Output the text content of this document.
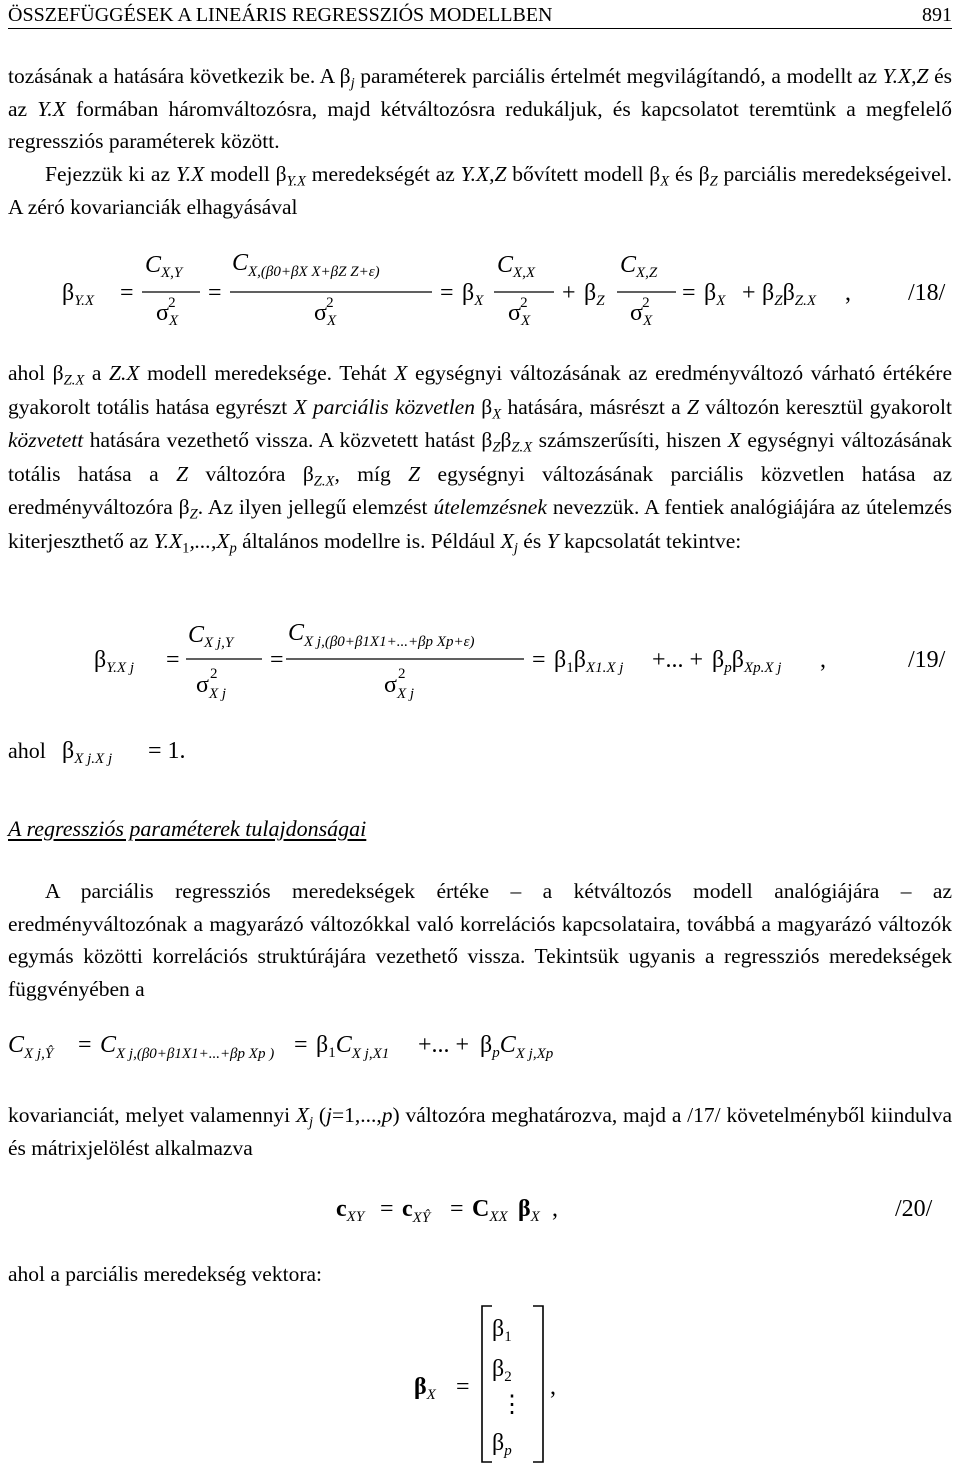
ÖSSZEFÜGGÉSEK A LINEÁRIS REGRESSZIÓS MODELLBEN	891

tozásának a hatására következik be. A $\beta_j$ paraméterek parciális értelmét megvilágítandó, a modellt az Y.X,Z és az Y.X formában háromváltozósra, majd kétváltozósra redukáljuk, és kapcsolatot teremtünk a megfelelő regressziós paraméterek között.

Fejezzük ki az Y.X modell $\beta_{Y.X}$ meredekségét az Y.X,Z bővített modell $\beta_X$ és $\beta_Z$ parciális meredekségeivel. A zéró kovarianciák elhagyásával

$\beta_{Y.X}$ =
$C_{X,Y}$
$\sigma_X2$ =
$C_{X,(\beta 0+\beta X X+\beta Z Z+\varepsilon)}$
$\sigma_X2$	= $\beta_X$
$C_{X,X}$
$\sigma_X2 + \beta_Z$
$C_{X,Z}$
$\sigma_X2 = \beta_X + \beta_Z\beta_{Z.X}$ , /18/

ahol $\beta_{Z.X}$ a Z.X modell meredeksége. Tehát X egységnyi változásának az eredményváltozó várható értékére gyakorolt totális hatása egyrészt X parciális közvetlen $\beta_X$ hatására, másrészt a Z változón keresztül gyakorolt közvetett hatására vezethető vissza. A közvetett hatást $\beta_Z\beta_{Z.X}$ számszerűsíti, hiszen X egységnyi változásának totális hatása a Z változóra $\beta_{Z.X}$, míg Z egységnyi változásának parciális közvetlen hatása az eredményváltozóra $\beta_Z$. Az ilyen jellegű elemzést útelemzésnek nevezzük. A fentiek analógiájára az útelemzés kiterjeszthető az $Y.X_1,...,X_p$ általános modellre is. Például $X_j$ és Y kapcsolatát tekintve:

$\beta_{Y.X j}$ =
$C_{X j,Y}$
$\sigma_{X j}2$
=
$C_{X j,(\beta 0+\beta 1X1+...+\beta p Xp+\varepsilon)}$
$\sigma_{X j}2$
= $\beta_1\beta_{X1.X j}$ +... + $\beta_p\beta_{Xp.X j}$ ,	/19/
ahol $\beta_{X j.X j} = 1$.
A regressziós paraméterek tulajdonságai

A parciális regressziós meredekségek értéke – a kétváltozós modell analógiájára – az eredményváltozónak a magyarázó változókkal való korrelációs kapcsolataira, továbbá a magyarázó változók egymás közötti korrelációs struktúrájára vezethető vissza. Tekintsük ugyanis a regressziós meredekségek függvényében a

$C_{X j,Ŷ} = C_{X j,(\beta 0+\beta 1X1+...+\beta p Xp )} = \beta_1C_{X j,X1}$ +... + $\beta_pC_{X j,Xp}$

kovarianciát, melyet valamennyi $X_j$ (j=1,...,p) változóra meghatározva, majd a /17/ követelményből kiindulva és mátrixjelölést alkalmazva

$c_{XY} = c_{XŶ} = C_{XX}$ $\beta_X$ ,	/20/

ahol a parciális meredekség vektora:

$\beta_X$ =
$\beta_1$
$\beta_2$
⋮
$\beta_p$
,
